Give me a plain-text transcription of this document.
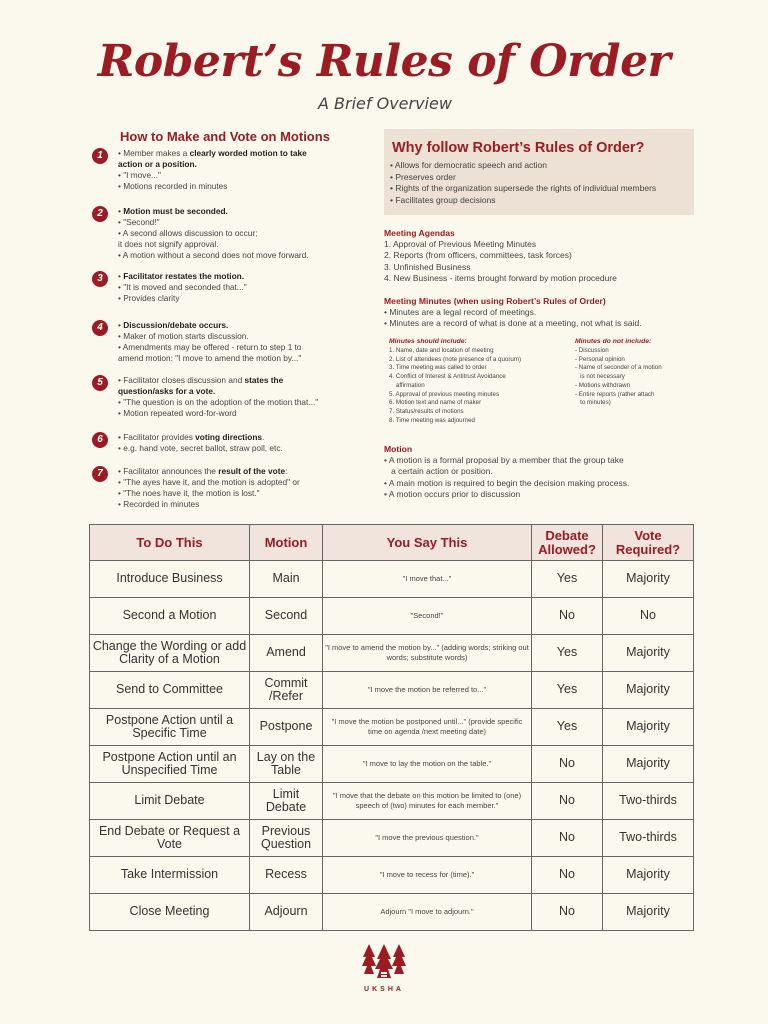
Robert’s Rules of Order
A Brief Overview
How to Make and Vote on Motions
1	• Member makes a clearly worded motion to take
action or a position.
• "I move..."
• Motions recorded in minutes
2	• Motion must be seconded.
• "Second!"
• A second allows discussion to occur;
it does not signify approval.
• A motion without a second does not move forward.
3	• Facilitator restates the motion.
• "It is moved and seconded that..."
• Provides clarity
4	• Discussion/debate occurs.
• Maker of motion starts discussion.
• Amendments may be offered - return to step 1 to
amend motion: "I move to amend the motion by..."
5	• Facilitator closes discussion and states the
question/asks for a vote.
• "The question is on the adoption of the motion that..."
• Motion repeated word-for-word
6	• Facilitator provides voting directions.
• e.g. hand vote, secret ballot, straw poll, etc.
7	• Facilitator announces the result of the vote:
• "The ayes have it, and the motion is adopted" or
• "The noes have it, the motion is lost."
• Recorded in minutes
Why follow Robert’s Rules of Order?
• Allows for democratic speech and action
• Preserves order
• Rights of the organization supersede the rights of individual members
• Facilitates group decisions
Meeting Agendas
1. Approval of Previous Meeting Minutes
2. Reports (from officers, committees, task forces)
3. Unfinished Business
4. New Business - items brought forward by motion procedure
Meeting Minutes (when using Robert’s Rules of Order)
• Minutes are a legal record of meetings.
• Minutes are a record of what is done at a meeting, not what is said.
Minutes should include:
1. Name, date and location of meeting
2. List of attendees (note presence of a quorum)
3. Time meeting was called to order
4. Conflict of Interest & Antitrust Avoidance
affirmation
5. Approval of previous meeting minutes
6. Motion text and name of maker
7. Status/results of motions
8. Time meeting was adjourned
Minutes do not include:
- Discussion
- Personal opinion
- Name of seconder of a motion
is not necessary
- Motions withdrawn
- Entire reports (rather attach
to minutes)
Motion
• A motion is a formal proposal by a member that the group take
a certain action or position.
• A main motion is required to begin the decision making process.
• A motion occurs prior to discussion
To Do This	Motion	You Say This	Debate Allowed?	Vote Required?
Introduce Business	Main	"I move that..."	Yes	Majority
Second a Motion	Second	"Second!"	No	No
Change the Wording or add Clarity of a Motion	Amend	"I move to amend the motion by..." (adding words; striking out words; substitute words)	Yes	Majority
Send to Committee	Commit /Refer	"I move the motion be referred to..."	Yes	Majority
Postpone Action until a Specific Time	Postpone	"I move the motion be postponed until..." (provide specific time on agenda /next meeting date)	Yes	Majority
Postpone Action until an Unspecified Time	Lay on the Table	"I move to lay the motion on the table."	No	Majority
Limit Debate	Limit Debate	"I move that the debate on this motion be limited to (one) speech of (two) minutes for each member."	No	Two-thirds
End Debate or Request a Vote	Previous Question	"I move the previous question."	No	Two-thirds
Take Intermission	Recess	"I move to recess for (time)."	No	Majority
Close Meeting	Adjourn	Adjourn "I move to adjourn."	No	Majority
UKSHA
